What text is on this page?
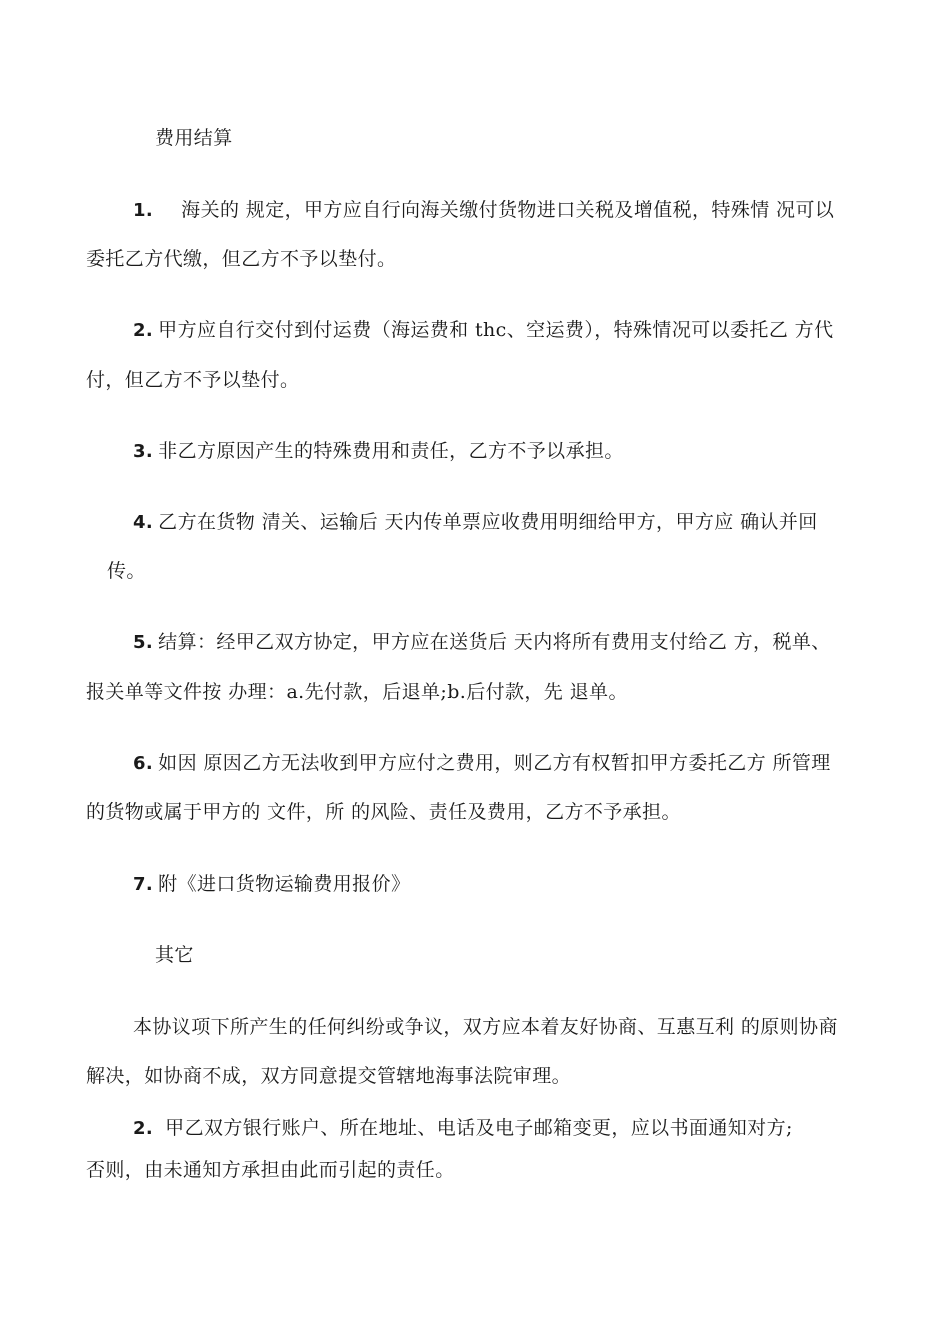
费用结算
1. 海关的 规定，甲方应自行向海关缴付货物进口关税及增值税，特殊情 况可以
委托乙方代缴，但乙方不予以垫付。
2. 甲方应自行交付到付运费（海运费和 thc、空运费），特殊情况可以委托乙 方代
付，但乙方不予以垫付。
3. 非乙方原因产生的特殊费用和责任，乙方不予以承担。
4. 乙方在货物 清关、运输后 天内传单票应收费用明细给甲方，甲方应 确认并回
传。
5. 结算：经甲乙双方协定，甲方应在送货后 天内将所有费用支付给乙 方，税单、
报关单等文件按 办理：a.先付款，后退单;b.后付款，先 退单。
6. 如因 原因乙方无法收到甲方应付之费用，则乙方有权暂扣甲方委托乙方 所管理
的货物或属于甲方的 文件，所 的风险、责任及费用，乙方不予承担。
7. 附《进口货物运输费用报价》
其它
本协议项下所产生的任何纠纷或争议，双方应本着友好协商、互惠互利 的原则协商
解决，如协商不成，双方同意提交管辖地海事法院审理。
2. 甲乙双方银行账户、所在地址、电话及电子邮箱变更，应以书面通知对方;
否则，由未通知方承担由此而引起的责任。
